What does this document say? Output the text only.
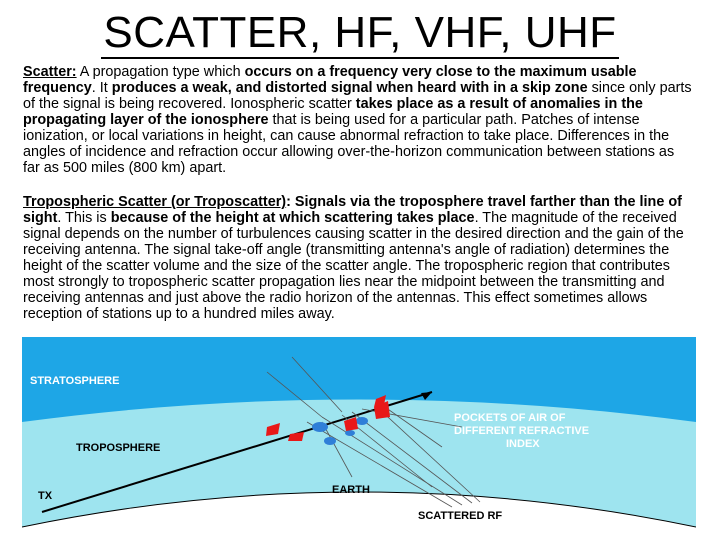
SCATTER, HF, VHF, UHF
Scatter: A propagation type which occurs on a frequency very close to the maximum usable frequency. It produces a weak, and distorted signal when heard with in a skip zone since only parts of the signal is being recovered. Ionospheric scatter takes place as a result of anomalies in the propagating layer of the ionosphere that is being used for a particular path. Patches of intense ionization, or local variations in height, can cause abnormal refraction to take place. Differences in the angles of incidence and refraction occur allowing over-the-horizon communication between stations as far as 500 miles (800 km) apart.
Tropospheric Scatter (or Troposcatter): Signals via the troposphere travel farther than the line of sight. This is because of the height at which scattering takes place. The magnitude of the received signal depends on the number of turbulences causing scatter in the desired direction and the gain of the receiving antenna. The signal take-off angle (transmitting antenna's angle of radiation) determines the height of the scatter volume and the size of the scatter angle. The tropospheric region that contributes most strongly to tropospheric scatter propagation lies near the midpoint between the transmitting and receiving antennas and just above the radio horizon of the antennas. This effect sometimes allows reception of stations up to a hundred miles away.
STRATOSPHERE
TROPOSPHERE
TX	EARTH
POCKETS OF AIR OF
DIFFERENT REFRACTIVE
INDEX
SCATTERED RF
